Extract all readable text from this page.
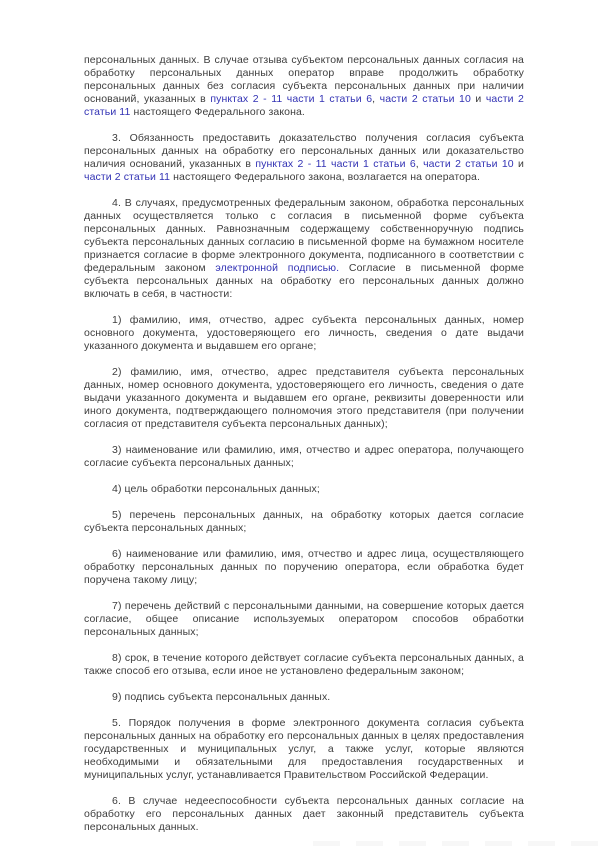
персональных данных. В случае отзыва субъектом персональных данных согласия на обработку персональных данных оператор вправе продолжить обработку персональных данных без согласия субъекта персональных данных при наличии оснований, указанных в пунктах 2 - 11 части 1 статьи 6, части 2 статьи 10 и части 2 статьи 11 настоящего Федерального закона.

3. Обязанность предоставить доказательство получения согласия субъекта персональных данных на обработку его персональных данных или доказательство наличия оснований, указанных в пунктах 2 - 11 части 1 статьи 6, части 2 статьи 10 и части 2 статьи 11 настоящего Федерального закона, возлагается на оператора.

4. В случаях, предусмотренных федеральным законом, обработка персональных данных осуществляется только с согласия в письменной форме субъекта персональных данных. Равнозначным содержащему собственноручную подпись субъекта персональных данных согласию в письменной форме на бумажном носителе признается согласие в форме электронного документа, подписанного в соответствии с федеральным законом электронной подписью. Согласие в письменной форме субъекта персональных данных на обработку его персональных данных должно включать в себя, в частности:

1) фамилию, имя, отчество, адрес субъекта персональных данных, номер основного документа, удостоверяющего его личность, сведения о дате выдачи указанного документа и выдавшем его органе;

2) фамилию, имя, отчество, адрес представителя субъекта персональных данных, номер основного документа, удостоверяющего его личность, сведения о дате выдачи указанного документа и выдавшем его органе, реквизиты доверенности или иного документа, подтверждающего полномочия этого представителя (при получении согласия от представителя субъекта персональных данных);

3) наименование или фамилию, имя, отчество и адрес оператора, получающего согласие субъекта персональных данных;

4) цель обработки персональных данных;

5) перечень персональных данных, на обработку которых дается согласие субъекта персональных данных;

6) наименование или фамилию, имя, отчество и адрес лица, осуществляющего обработку персональных данных по поручению оператора, если обработка будет поручена такому лицу;

7) перечень действий с персональными данными, на совершение которых дается согласие, общее описание используемых оператором способов обработки персональных данных;

8) срок, в течение которого действует согласие субъекта персональных данных, а также способ его отзыва, если иное не установлено федеральным законом;

9) подпись субъекта персональных данных.

5. Порядок получения в форме электронного документа согласия субъекта персональных данных на обработку его персональных данных в целях предоставления государственных и муниципальных услуг, а также услуг, которые являются необходимыми и обязательными для предоставления государственных и муниципальных услуг, устанавливается Правительством Российской Федерации.

6. В случае недееспособности субъекта персональных данных согласие на обработку его персональных данных дает законный представитель субъекта персональных данных.
